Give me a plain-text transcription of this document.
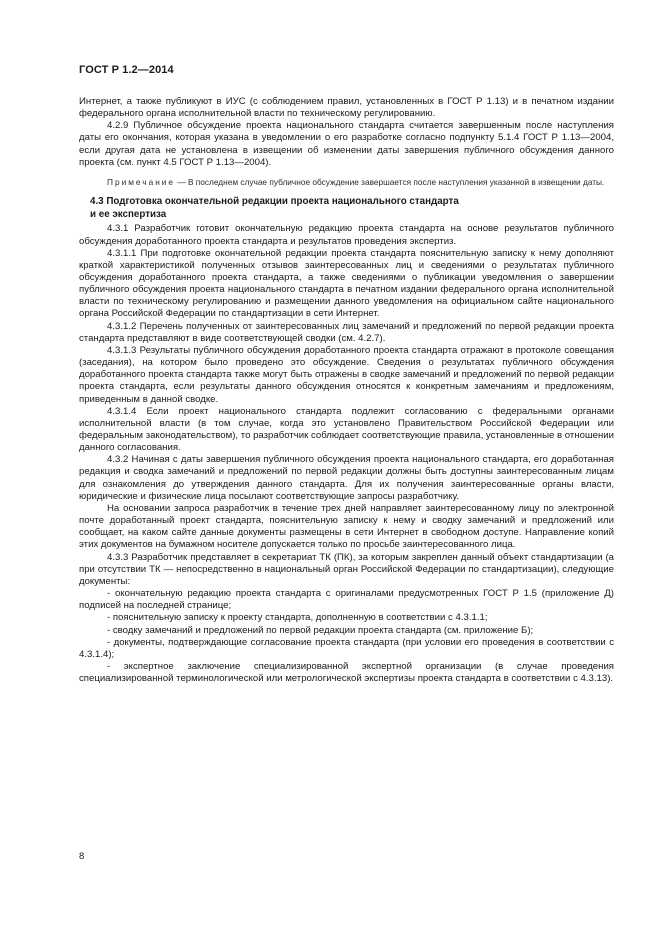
ГОСТ Р 1.2—2014

Интернет, а также публикуют в ИУС (с соблюдением правил, установленных в ГОСТ Р 1.13) и в печатном издании федерального органа исполнительной власти по техническому регулированию.

4.2.9 Публичное обсуждение проекта национального стандарта считается завершенным после наступления даты его окончания, которая указана в уведомлении о его разработке согласно подпункту 5.1.4 ГОСТ Р 1.13—2004, если другая дата не установлена в извещении об изменении даты завершения публичного обсуждения данного проекта (см. пункт 4.5 ГОСТ Р 1.13—2004).

Примечание — В последнем случае публичное обсуждение завершается после наступления указанной в извещении даты.

4.3 Подготовка окончательной редакции проекта национального стандарта
и ее экспертиза

4.3.1 Разработчик готовит окончательную редакцию проекта стандарта на основе результатов публичного обсуждения доработанного проекта стандарта и результатов проведения экспертиз.

4.3.1.1 При подготовке окончательной редакции проекта стандарта пояснительную записку к нему дополняют краткой характеристикой полученных отзывов заинтересованных лиц и сведениями о результатах публичного обсуждения доработанного проекта стандарта, а также сведениями о публикации уведомления о завершении публичного обсуждения проекта национального стандарта в печатном издании федерального органа исполнительной власти по техническому регулированию и размещении данного уведомления на официальном сайте национального органа Российской Федерации по стандартизации в сети Интернет.

4.3.1.2 Перечень полученных от заинтересованных лиц замечаний и предложений по первой редакции проекта стандарта представляют в виде соответствующей сводки (см. 4.2.7).

4.3.1.3 Результаты публичного обсуждения доработанного проекта стандарта отражают в протоколе совещания (заседания), на котором было проведено это обсуждение. Сведения о результатах публичного обсуждения доработанного проекта стандарта также могут быть отражены в сводке замечаний и предложений по первой редакции проекта стандарта, если результаты данного обсуждения относятся к конкретным замечаниям и предложениям, приведенным в данной сводке.

4.3.1.4 Если проект национального стандарта подлежит согласованию с федеральными органами исполнительной власти (в том случае, когда это установлено Правительством Российской Федерации или федеральным законодательством), то разработчик соблюдает соответствующие правила, установленные в отношении данного согласования.

4.3.2 Начиная с даты завершения публичного обсуждения проекта национального стандарта, его доработанная редакция и сводка замечаний и предложений по первой редакции должны быть доступны заинтересованным лицам для ознакомления до утверждения данного стандарта. Для их получения заинтересованные органы власти, юридические и физические лица посылают соответствующие запросы разработчику.

На основании запроса разработчик в течение трех дней направляет заинтересованному лицу по электронной почте доработанный проект стандарта, пояснительную записку к нему и сводку замечаний и предложений или сообщает, на каком сайте данные документы размещены в сети Интернет в свободном доступе. Направление копий этих документов на бумажном носителе допускается только по просьбе заинтересованного лица.

4.3.3 Разработчик представляет в секретариат ТК (ПК), за которым закреплен данный объект стандартизации (а при отсутствии ТК — непосредственно в национальный орган Российской Федерации по стандартизации), следующие документы:

- окончательную редакцию проекта стандарта с оригиналами предусмотренных ГОСТ Р 1.5 (приложение Д) подписей на последней странице;

- пояснительную записку к проекту стандарта, дополненную в соответствии с 4.3.1.1;

- сводку замечаний и предложений по первой редакции проекта стандарта (см. приложение Б);

- документы, подтверждающие согласование проекта стандарта (при условии его проведения в соответствии с 4.3.1.4);

- экспертное заключение специализированной экспертной организации (в случае проведения специализированной терминологической или метрологической экспертизы проекта стандарта в соответствии с 4.3.13).

8
